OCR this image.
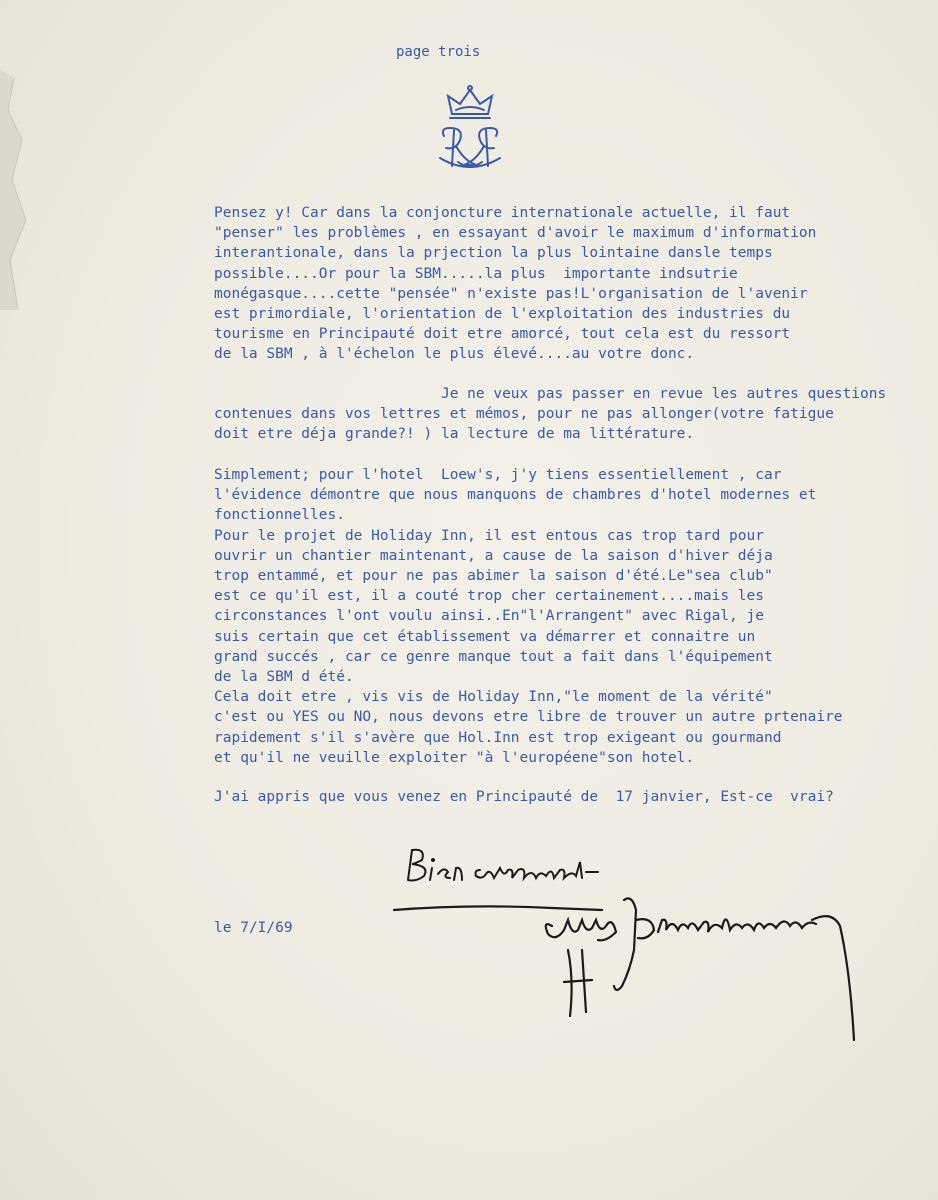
page trois
Pensez y! Car dans la conjoncture internationale actuelle, il faut
"penser" les problèmes , en essayant d'avoir le maximum d'information
interantionale, dans la prjection la plus lointaine dansle temps
possible....Or pour la SBM.....la plus  importante indsutrie
monégasque....cette "pensée" n'existe pas!L'organisation de l'avenir
est primordiale, l'orientation de l'exploitation des industries du
tourisme en Principauté doit etre amorcé, tout cela est du ressort
de la SBM , à l'échelon le plus élevé....au votre donc.
Je ne veux pas passer en revue les autres questions
contenues dans vos lettres et mémos, pour ne pas allonger(votre fatigue
doit etre déja grande?! ) la lecture de ma littérature.
Simplement; pour l'hotel  Loew's, j'y tiens essentiellement , car
l'évidence démontre que nous manquons de chambres d'hotel modernes et
fonctionnelles.
Pour le projet de Holiday Inn, il est entous cas trop tard pour
ouvrir un chantier maintenant, a cause de la saison d'hiver déja
trop entammé, et pour ne pas abimer la saison d'été.Le"sea club"
est ce qu'il est, il a couté trop cher certainement....mais les
circonstances l'ont voulu ainsi..En"l'Arrangent" avec Rigal, je
suis certain que cet établissement va démarrer et connaitre un
grand succés , car ce genre manque tout a fait dans l'équipement
de la SBM d été.
Cela doit etre , vis vis de Holiday Inn,"le moment de la vérité"
c'est ou YES ou NO, nous devons etre libre de trouver un autre prtenaire
rapidement s'il s'avère que Hol.Inn est trop exigeant ou gourmand
et qu'il ne veuille exploiter "à l'européene"son hotel.
J'ai appris que vous venez en Principauté de  17 janvier, Est-ce  vrai?
le 7/I/69
